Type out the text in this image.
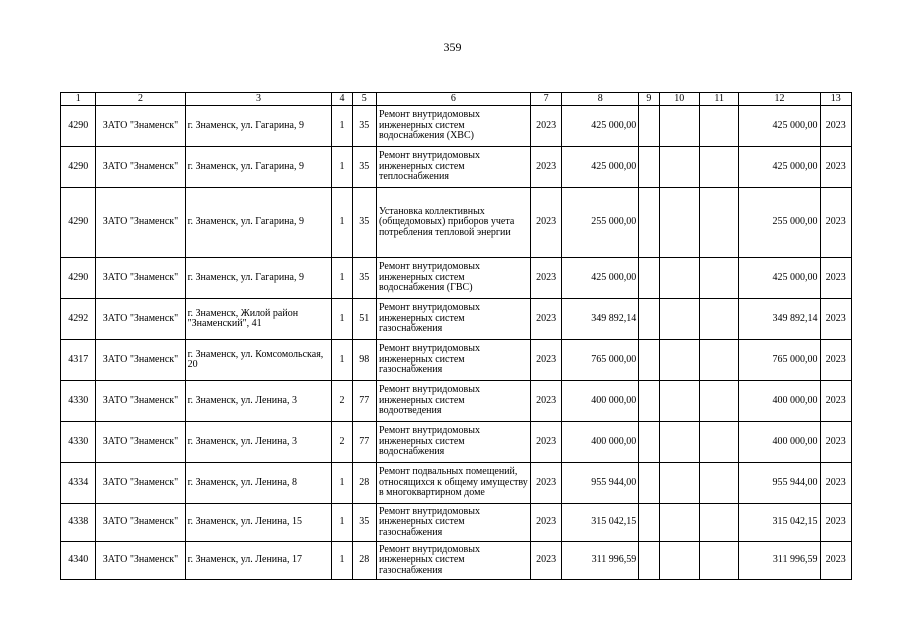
359
1	2	3	4	5	6	7	8	9	10	11	12	13
4290	ЗАТО "Знаменск"	г. Знаменск, ул. Гагарина, 9	1	35	Ремонт внутридомовых инженерных систем водоснабжения (ХВС)	2023	425 000,00				425 000,00	2023
4290	ЗАТО "Знаменск"	г. Знаменск, ул. Гагарина, 9	1	35	Ремонт внутридомовых инженерных систем теплоснабжения	2023	425 000,00				425 000,00	2023
4290	ЗАТО "Знаменск"	г. Знаменск, ул. Гагарина, 9	1	35	Установка коллективных (общедомовых) приборов учета потребления тепловой энергии	2023	255 000,00				255 000,00	2023
4290	ЗАТО "Знаменск"	г. Знаменск, ул. Гагарина, 9	1	35	Ремонт внутридомовых инженерных систем водоснабжения (ГВС)	2023	425 000,00				425 000,00	2023
4292	ЗАТО "Знаменск"	г. Знаменск, Жилой район "Знаменский", 41	1	51	Ремонт внутридомовых инженерных систем газоснабжения	2023	349 892,14				349 892,14	2023
4317	ЗАТО "Знаменск"	г. Знаменск, ул. Комсомольская, 20	1	98	Ремонт внутридомовых инженерных систем газоснабжения	2023	765 000,00				765 000,00	2023
4330	ЗАТО "Знаменск"	г. Знаменск, ул. Ленина, 3	2	77	Ремонт внутридомовых инженерных систем водоотведения	2023	400 000,00				400 000,00	2023
4330	ЗАТО "Знаменск"	г. Знаменск, ул. Ленина, 3	2	77	Ремонт внутридомовых инженерных систем водоснабжения	2023	400 000,00				400 000,00	2023
4334	ЗАТО "Знаменск"	г. Знаменск, ул. Ленина, 8	1	28	Ремонт подвальных помещений, относящихся к общему имуществу в многоквартирном доме	2023	955 944,00				955 944,00	2023
4338	ЗАТО "Знаменск"	г. Знаменск, ул. Ленина, 15	1	35	Ремонт внутридомовых инженерных систем газоснабжения	2023	315 042,15				315 042,15	2023
4340	ЗАТО "Знаменск"	г. Знаменск, ул. Ленина, 17	1	28	Ремонт внутридомовых инженерных систем газоснабжения	2023	311 996,59				311 996,59	2023
